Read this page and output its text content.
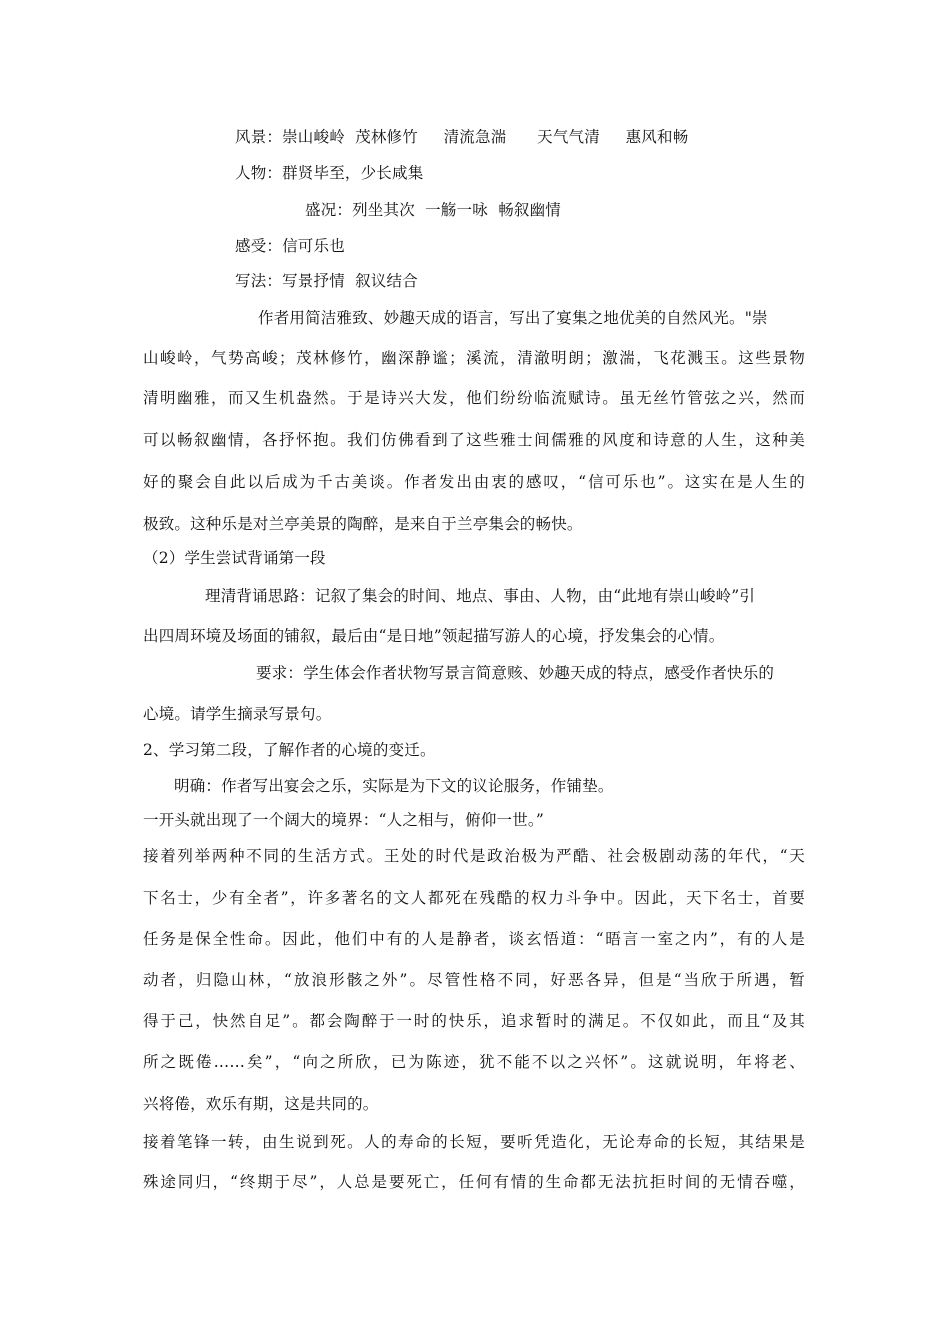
风景：崇山峻岭  茂林修竹     清流急湍      天气气清     惠风和畅
人物：群贤毕至，少长咸集
盛况：列坐其次  一觞一咏  畅叙幽情
感受：信可乐也
写法：写景抒情  叙议结合
作者用简洁雅致、妙趣天成的语言，写出了宴集之地优美的自然风光。"崇
山峻岭，气势高峻；茂林修竹，幽深静谧；溪流，清澈明朗；激湍，飞花溅玉。这些景物
清明幽雅，而又生机盎然。于是诗兴大发，他们纷纷临流赋诗。虽无丝竹管弦之兴，然而
可以畅叙幽情，各抒怀抱。我们仿佛看到了这些雅士间儒雅的风度和诗意的人生，这种美
好的聚会自此以后成为千古美谈。作者发出由衷的感叹，“信可乐也”。这实在是人生的
极致。这种乐是对兰亭美景的陶醉，是来自于兰亭集会的畅快。
（2）学生尝试背诵第一段
理清背诵思路：记叙了集会的时间、地点、事由、人物，由“此地有崇山峻岭”引
出四周环境及场面的铺叙，最后由“是日地”领起描写游人的心境，抒发集会的心情。
要求：学生体会作者状物写景言简意赅、妙趣天成的特点，感受作者快乐的
心境。请学生摘录写景句。
2、学习第二段，了解作者的心境的变迁。
明确：作者写出宴会之乐，实际是为下文的议论服务，作铺垫。
一开头就出现了一个阔大的境界：“人之相与，俯仰一世。”
接着列举两种不同的生活方式。王处的时代是政治极为严酷、社会极剧动荡的年代，“天
下名士，少有全者”，许多著名的文人都死在残酷的权力斗争中。因此，天下名士，首要
任务是保全性命。因此，他们中有的人是静者，谈玄悟道：“晤言一室之内”，有的人是
动者，归隐山林，“放浪形骸之外”。尽管性格不同，好恶各异，但是“当欣于所遇，暂
得于己，快然自足”。都会陶醉于一时的快乐，追求暂时的满足。不仅如此，而且“及其
所之既倦……矣”，“向之所欣，已为陈迹，犹不能不以之兴怀”。这就说明，年将老、
兴将倦，欢乐有期，这是共同的。
接着笔锋一转，由生说到死。人的寿命的长短，要听凭造化，无论寿命的长短，其结果是
殊途同归，“终期于尽”，人总是要死亡，任何有情的生命都无法抗拒时间的无情吞噬，
